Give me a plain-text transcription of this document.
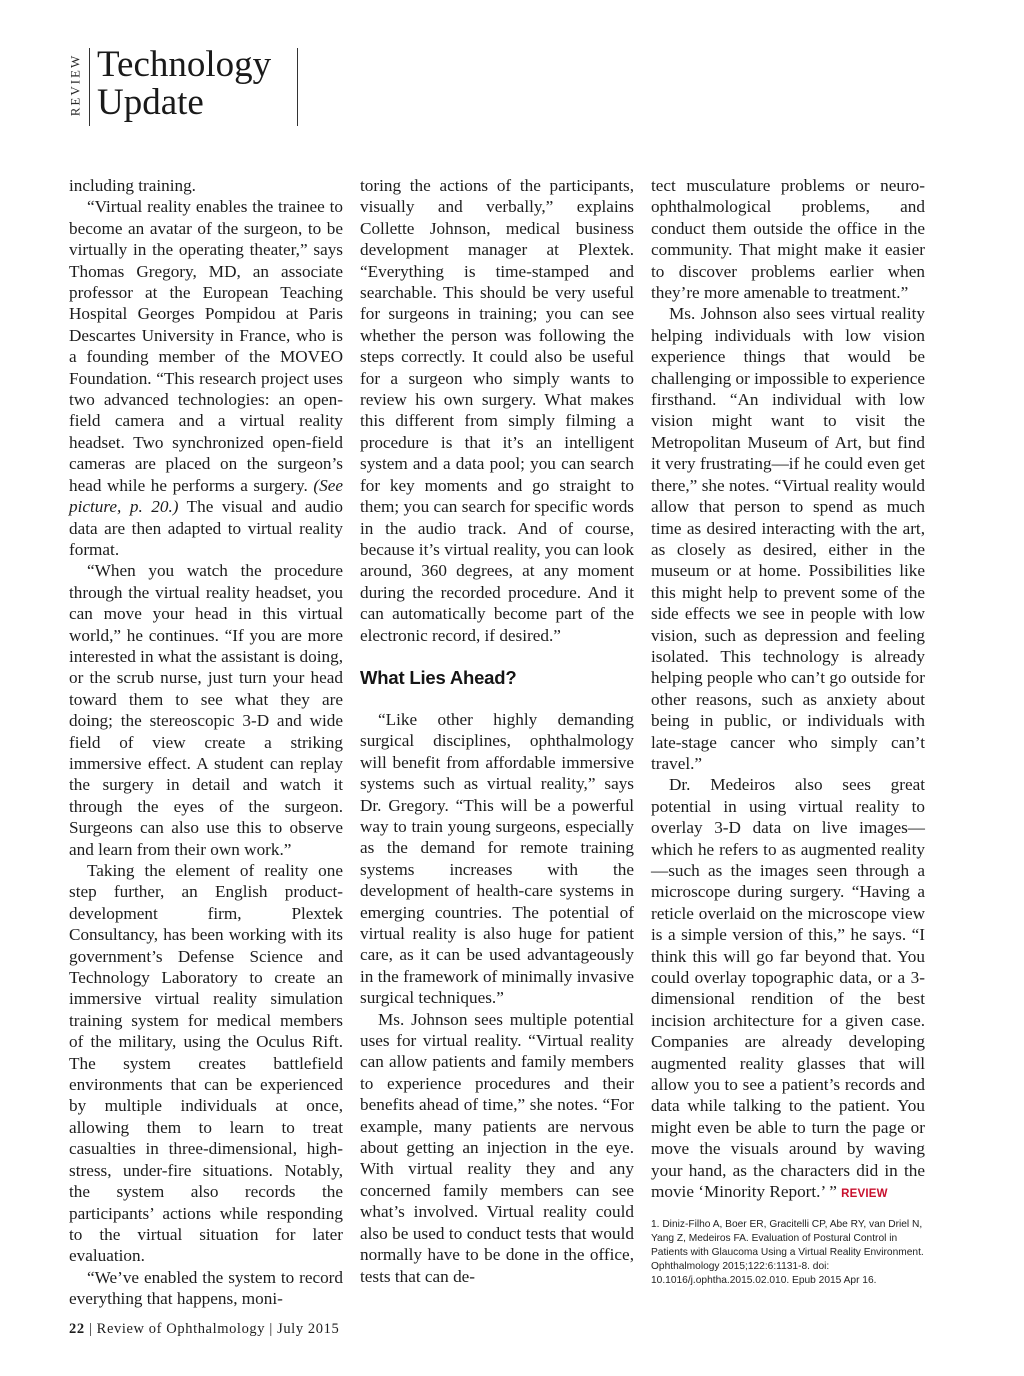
REVIEW Technology
Update

including training.

“Virtual reality enables the trainee to become an avatar of the surgeon, to be virtually in the operating theater,” says Thomas Gregory, MD, an associate professor at the European Teaching Hospital Georges Pompidou at Paris Descartes University in France, who is a founding member of the MOVEO Foundation. “This research project uses two advanced technologies: an open-field camera and a virtual reality headset. Two synchronized open-field cameras are placed on the surgeon’s head while he performs a surgery. (See picture, p. 20.) The visual and audio data are then adapted to virtual reality format.

“When you watch the procedure through the virtual reality headset, you can move your head in this virtual world,” he continues. “If you are more interested in what the assistant is doing, or the scrub nurse, just turn your head toward them to see what they are doing; the stereoscopic 3-D and wide field of view create a striking immersive effect. A student can replay the surgery in detail and watch it through the eyes of the surgeon. Surgeons can also use this to observe and learn from their own work.”

Taking the element of reality one step further, an English product-development firm, Plextek Consultancy, has been working with its government’s Defense Science and Technology Laboratory to create an immersive virtual reality simulation training system for medical members of the military, using the Oculus Rift. The system creates battlefield environments that can be experienced by multiple individuals at once, allowing them to learn to treat casualties in three-dimensional, high-stress, under-fire situations. Notably, the system also records the participants’ actions while responding to the virtual situation for later evaluation.

“We’ve enabled the system to record everything that happens, moni-

toring the actions of the participants, visually and verbally,” explains Collette Johnson, medical business development manager at Plextek. “Everything is time-stamped and searchable. This should be very useful for surgeons in training; you can see whether the person was following the steps correctly. It could also be useful for a surgeon who simply wants to review his own surgery. What makes this different from simply filming a procedure is that it’s an intelligent system and a data pool; you can search for key moments and go straight to them; you can search for specific words in the audio track. And of course, because it’s virtual reality, you can look around, 360 degrees, at any moment during the recorded procedure. And it can automatically become part of the electronic record, if desired.”

What Lies Ahead?

“Like other highly demanding surgical disciplines, ophthalmology will benefit from affordable immersive systems such as virtual reality,” says Dr. Gregory. “This will be a powerful way to train young surgeons, especially as the demand for remote training systems increases with the development of health-care systems in emerging countries. The potential of virtual reality is also huge for patient care, as it can be used advantageously in the framework of minimally invasive surgical techniques.”

Ms. Johnson sees multiple potential uses for virtual reality. “Virtual reality can allow patients and family members to experience procedures and their benefits ahead of time,” she notes. “For example, many patients are nervous about getting an injection in the eye. With virtual reality they and any concerned family members can see what’s involved. Virtual reality could also be used to conduct tests that would normally have to be done in the office, tests that can de-

tect musculature problems or neuro-ophthalmological problems, and conduct them outside the office in the community. That might make it easier to discover problems earlier when they’re more amenable to treatment.”

Ms. Johnson also sees virtual reality helping individuals with low vision experience things that would be challenging or impossible to experience firsthand. “An individual with low vision might want to visit the Metropolitan Museum of Art, but find it very frustrating—if he could even get there,” she notes. “Virtual reality would allow that person to spend as much time as desired interacting with the art, as closely as desired, either in the museum or at home. Possibilities like this might help to prevent some of the side effects we see in people with low vision, such as depression and feeling isolated. This technology is already helping people who can’t go outside for other reasons, such as anxiety about being in public, or individuals with late-stage cancer who simply can’t travel.”

Dr. Medeiros also sees great potential in using virtual reality to overlay 3-D data on live images—which he refers to as augmented reality—such as the images seen through a microscope during surgery. “Having a reticle overlaid on the microscope view is a simple version of this,” he says. “I think this will go far beyond that. You could overlay topographic data, or a 3-dimensional rendition of the best incision architecture for a given case. Companies are already developing augmented reality glasses that will allow you to see a patient’s records and data while talking to the patient. You might even be able to turn the page or move the visuals around by waving your hand, as the characters did in the movie ‘Minority Report.’ ” REVIEW

1. Diniz-Filho A, Boer ER, Gracitelli CP, Abe RY, van Driel N, Yang Z, Medeiros FA. Evaluation of Postural Control in Patients with Glaucoma Using a Virtual Reality Environment. Ophthalmology 2015;122:6:1131-8. doi: 10.1016/j.ophtha.2015.02.010. Epub 2015 Apr 16.
22 | Review of Ophthalmology | July 2015
